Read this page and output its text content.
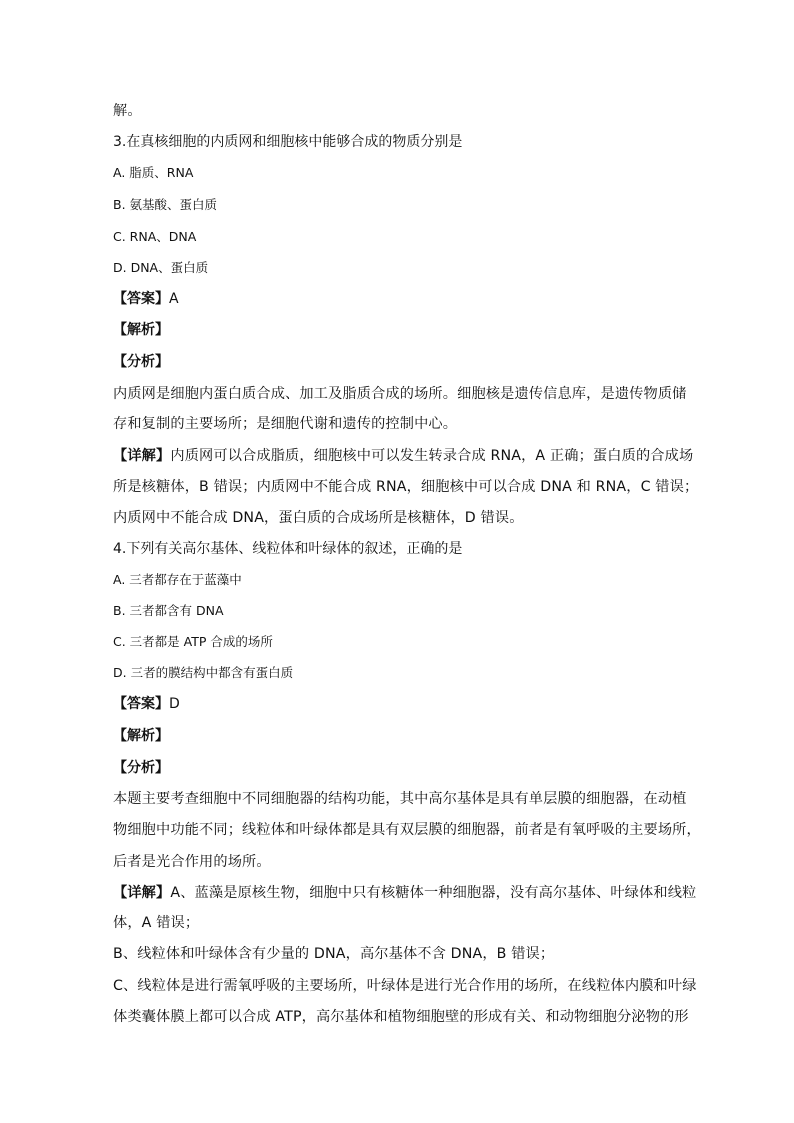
解。
3.在真核细胞的内质网和细胞核中能够合成的物质分别是
A. 脂质、RNA
B. 氨基酸、蛋白质
C. RNA、DNA
D. DNA、蛋白质
【答案】A
【解析】
【分析】
内质网是细胞内蛋白质合成、加工及脂质合成的场所。细胞核是遗传信息库，是遗传物质储
存和复制的主要场所；是细胞代谢和遗传的控制中心。
【详解】内质网可以合成脂质，细胞核中可以发生转录合成 RNA，A 正确；蛋白质的合成场
所是核糖体，B 错误；内质网中不能合成 RNA，细胞核中可以合成 DNA 和 RNA，C 错误；
内质网中不能合成 DNA，蛋白质的合成场所是核糖体，D 错误。
4.下列有关高尔基体、线粒体和叶绿体的叙述，正确的是
A. 三者都存在于蓝藻中
B. 三者都含有 DNA
C. 三者都是 ATP 合成的场所
D. 三者的膜结构中都含有蛋白质
【答案】D
【解析】
【分析】
本题主要考查细胞中不同细胞器的结构功能，其中高尔基体是具有单层膜的细胞器，在动植
物细胞中功能不同；线粒体和叶绿体都是具有双层膜的细胞器，前者是有氧呼吸的主要场所，
后者是光合作用的场所。
【详解】A、蓝藻是原核生物，细胞中只有核糖体一种细胞器，没有高尔基体、叶绿体和线粒
体，A 错误；
B、线粒体和叶绿体含有少量的 DNA，高尔基体不含 DNA，B 错误；
C、线粒体是进行需氧呼吸的主要场所，叶绿体是进行光合作用的场所，在线粒体内膜和叶绿
体类囊体膜上都可以合成 ATP，高尔基体和植物细胞壁的形成有关、和动物细胞分泌物的形
